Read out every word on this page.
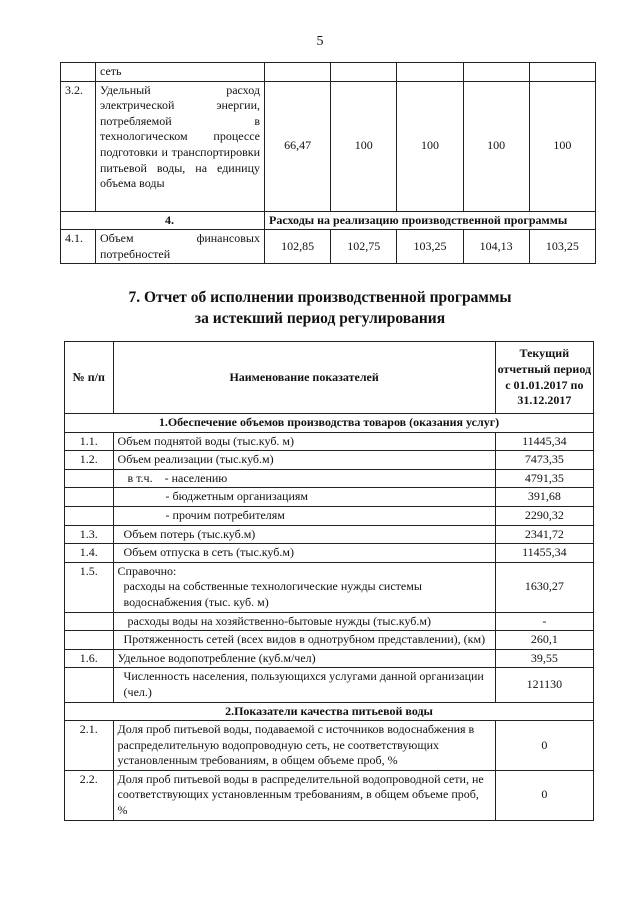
5
	сеть					
3.2.	Удельный расход электрической энергии, потребляемой в технологическом процессе подготовки и транспортировки питьевой воды, на единицу объема воды	66,47	100	100	100	100
4.		Расходы на реализацию производственной программы				
4.1.	Объем финансовых потребностей	102,85	102,75	103,25	104,13	103,25
7. Отчет об исполнении производственной программы
за истекший период регулирования
№ п/п	Наименование показателей	Текущий отчетный период с 01.01.2017 по 31.12.2017
1.Обеспечение объемов производства товаров (оказания услуг)		
1.1.	Объем поднятой воды (тыс.куб. м)	11445,34
1.2.	Объем реализации (тыс.куб.м)	7473,35
	в т.ч.    - населению	4791,35
	- бюджетным организациям	391,68
	- прочим потребителям	2290,32
1.3.	Объем потерь (тыс.куб.м)	2341,72
1.4.	Объем отпуска в сеть (тыс.куб.м)	11455,34
1.5.	Справочно:
расходы на собственные технологические нужды системы водоснабжения (тыс. куб. м)	1630,27
	расходы воды на хозяйственно-бытовые нужды (тыс.куб.м)	-
	Протяженность сетей (всех видов в однотрубном представлении), (км)	260,1
1.6.	Удельное водопотребление (куб.м/чел)	39,55
	Численность населения, пользующихся услугами данной организации (чел.)	121130
2.Показатели качества питьевой воды		
2.1.	Доля проб питьевой воды, подаваемой с источников водоснабжения в распределительную водопроводную сеть, не соответствующих установленным требованиям, в общем объеме проб, %	0
2.2.	Доля проб питьевой воды в распределительной водопроводной сети, не соответствующих установленным требованиям, в общем объеме проб, %	0
